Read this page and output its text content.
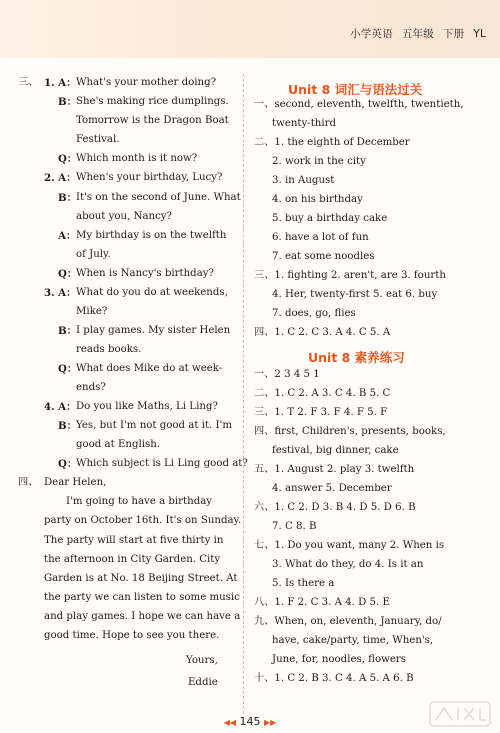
小学英语 五年级 下册 YL
三、 1. A： What's your mother doing?
B： She's making rice dumplings.
Tomorrow is the Dragon Boat
Festival.
Q：
Which month is it now?
2. A： When's your birthday, Lucy?
B： It's on the second of June. What
about you, Nancy?
A： My birthday is on the twelfth
of July.
Q：
When is Nancy's birthday?
3. A： What do you do at weekends,
Mike?
B： I play games. My sister Helen
reads books.
Q：
What does Mike do at week-
ends?
4. A： Do you like Maths, Li Ling?
B： Yes, but I'm not good at it. I'm
good at English.
Q：
Which subject is Li Ling good at?
四、 Dear Helen,
I'm going to have a birthday
party on October 16th. It's on Sunday.
The party will start at five thirty in
the afternoon in City Garden. City
Garden is at No. 18 Beijing Street. At
the party we can listen to some music
and play games. I hope we can have a
good time. Hope to see you there.
Yours,
Eddie
Unit 8 词汇与语法过关
一、second, eleventh, twelfth, twentieth,
twenty-third
二、1. the eighth of December
2. work in the city
3. in August
4. on his birthday
5. buy a birthday cake
6. have a lot of fun
7. eat some noodles
三、1. fighting 2. aren't, are 3. fourth
4. Her, twenty-first 5. eat 6. buy
7. does, go, flies
四、1. C 2. C 3. A 4. C 5. A
Unit 8 素养练习
一、2 3 4 5 1
二、1. C 2. A 3. C 4. B 5. C
三、1. T 2. F 3. F 4. F 5. F
四、first, Children's, presents, books,
festival, big dinner, cake
五、1. August 2. play 3. twelfth
4. answer 5. December
六、1. C 2. D 3. B 4. D 5. D 6. B
7. C 8. B
七、1. Do you want, many 2. When is
3. What do they, do 4. Is it an
5. Is there a
八、1. F 2. C 3. A 4. D 5. E
九、When, on, eleventh, January, do/
have, cake/party, time, When's,
June, for, noodles, flowers
十、1. C 2. B 3. C 4. A 5. A 6. B
◀◀ 145 ▶▶
